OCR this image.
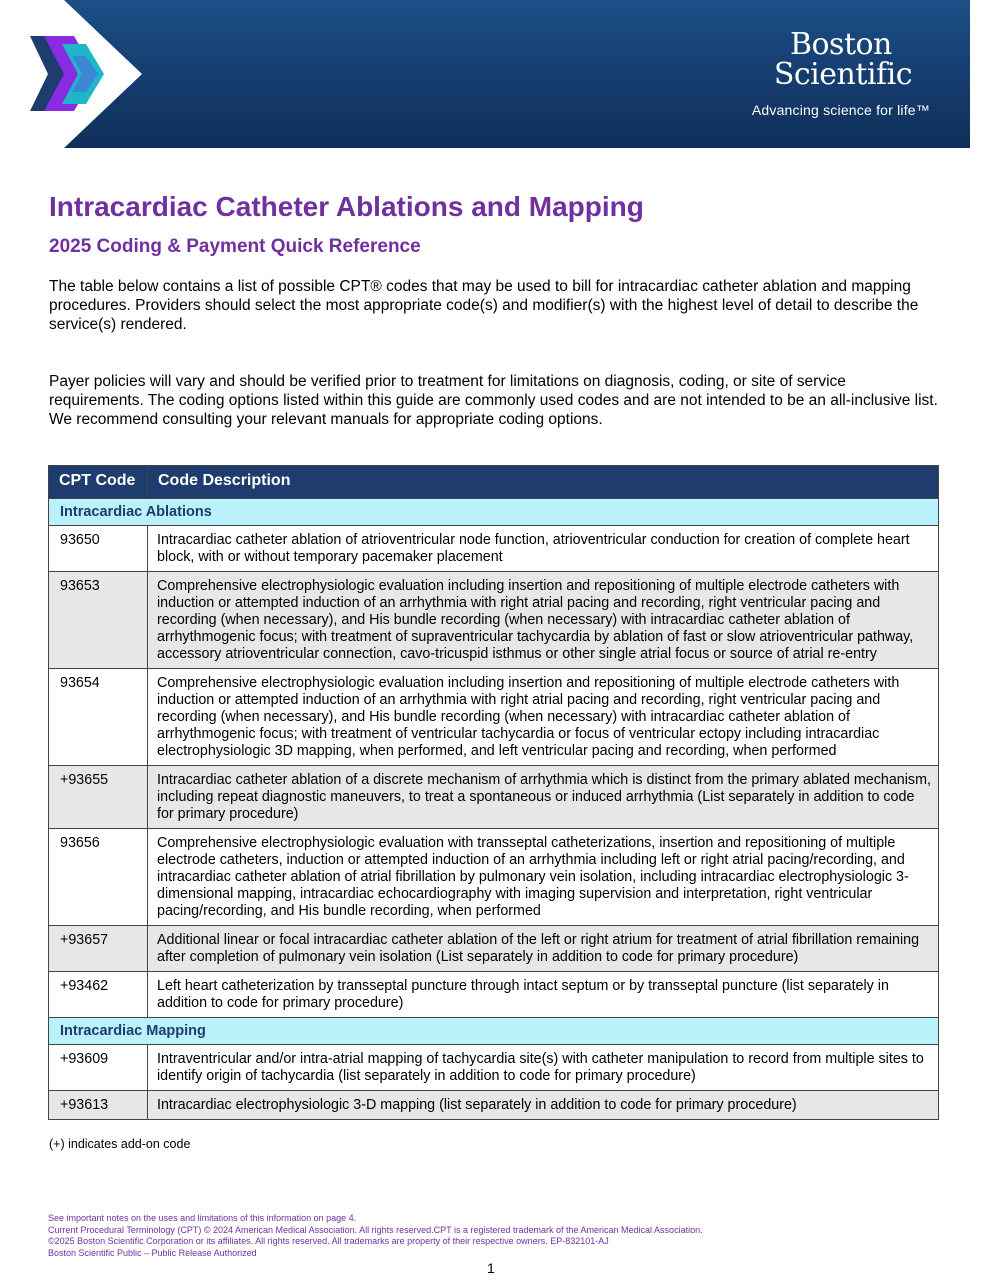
Boston
Scientific
Advancing science for life™
Intracardiac Catheter Ablations and Mapping
2025 Coding & Payment Quick Reference

The table below contains a list of possible CPT® codes that may be used to bill for intracardiac catheter ablation and mapping procedures. Providers should select the most appropriate code(s) and modifier(s) with the highest level of detail to describe the service(s) rendered.

Payer policies will vary and should be verified prior to treatment for limitations on diagnosis, coding, or site of service requirements. The coding options listed within this guide are commonly used codes and are not intended to be an all-inclusive list. We recommend consulting your relevant manuals for appropriate coding options.

CPT Code	Code Description
Intracardiac Ablations	
93650	Intracardiac catheter ablation of atrioventricular node function, atrioventricular conduction for creation of complete heart block, with or without temporary pacemaker placement
93653	Comprehensive electrophysiologic evaluation including insertion and repositioning of multiple electrode catheters with induction or attempted induction of an arrhythmia with right atrial pacing and recording, right ventricular pacing and recording (when necessary), and His bundle recording (when necessary) with intracardiac catheter ablation of arrhythmogenic focus; with treatment of supraventricular tachycardia by ablation of fast or slow atrioventricular pathway, accessory atrioventricular connection, cavo-tricuspid isthmus or other single atrial focus or source of atrial re-entry
93654	Comprehensive electrophysiologic evaluation including insertion and repositioning of multiple electrode catheters with induction or attempted induction of an arrhythmia with right atrial pacing and recording, right ventricular pacing and recording (when necessary), and His bundle recording (when necessary) with intracardiac catheter ablation of arrhythmogenic focus; with treatment of ventricular tachycardia or focus of ventricular ectopy including intracardiac electrophysiologic 3D mapping, when performed, and left ventricular pacing and recording, when performed
+93655	Intracardiac catheter ablation of a discrete mechanism of arrhythmia which is distinct from the primary ablated mechanism, including repeat diagnostic maneuvers, to treat a spontaneous or induced arrhythmia (List separately in addition to code for primary procedure)
93656	Comprehensive electrophysiologic evaluation with transseptal catheterizations, insertion and repositioning of multiple electrode catheters, induction or attempted induction of an arrhythmia including left or right atrial pacing/recording, and intracardiac catheter ablation of atrial fibrillation by pulmonary vein isolation, including intracardiac electrophysiologic 3-dimensional mapping, intracardiac echocardiography with imaging supervision and interpretation, right ventricular pacing/recording, and His bundle recording, when performed
+93657	Additional linear or focal intracardiac catheter ablation of the left or right atrium for treatment of atrial fibrillation remaining after completion of pulmonary vein isolation (List separately in addition to code for primary procedure)
+93462	Left heart catheterization by transseptal puncture through intact septum or by transseptal puncture (list separately in addition to code for primary procedure)
Intracardiac Mapping	
+93609	Intraventricular and/or intra-atrial mapping of tachycardia site(s) with catheter manipulation to record from multiple sites to identify origin of tachycardia (list separately in addition to code for primary procedure)
+93613	Intracardiac electrophysiologic 3-D mapping (list separately in addition to code for primary procedure)

(+) indicates add-on code

See important notes on the uses and limitations of this information on page 4.
Current Procedural Terminology (CPT) © 2024 American Medical Association. All rights reserved.CPT is a registered trademark of the American Medical Association.
©2025 Boston Scientific Corporation or its affiliates. All rights reserved. All trademarks are property of their respective owners. EP-832101-AJ
Boston Scientific Public – Public Release Authorized

1
